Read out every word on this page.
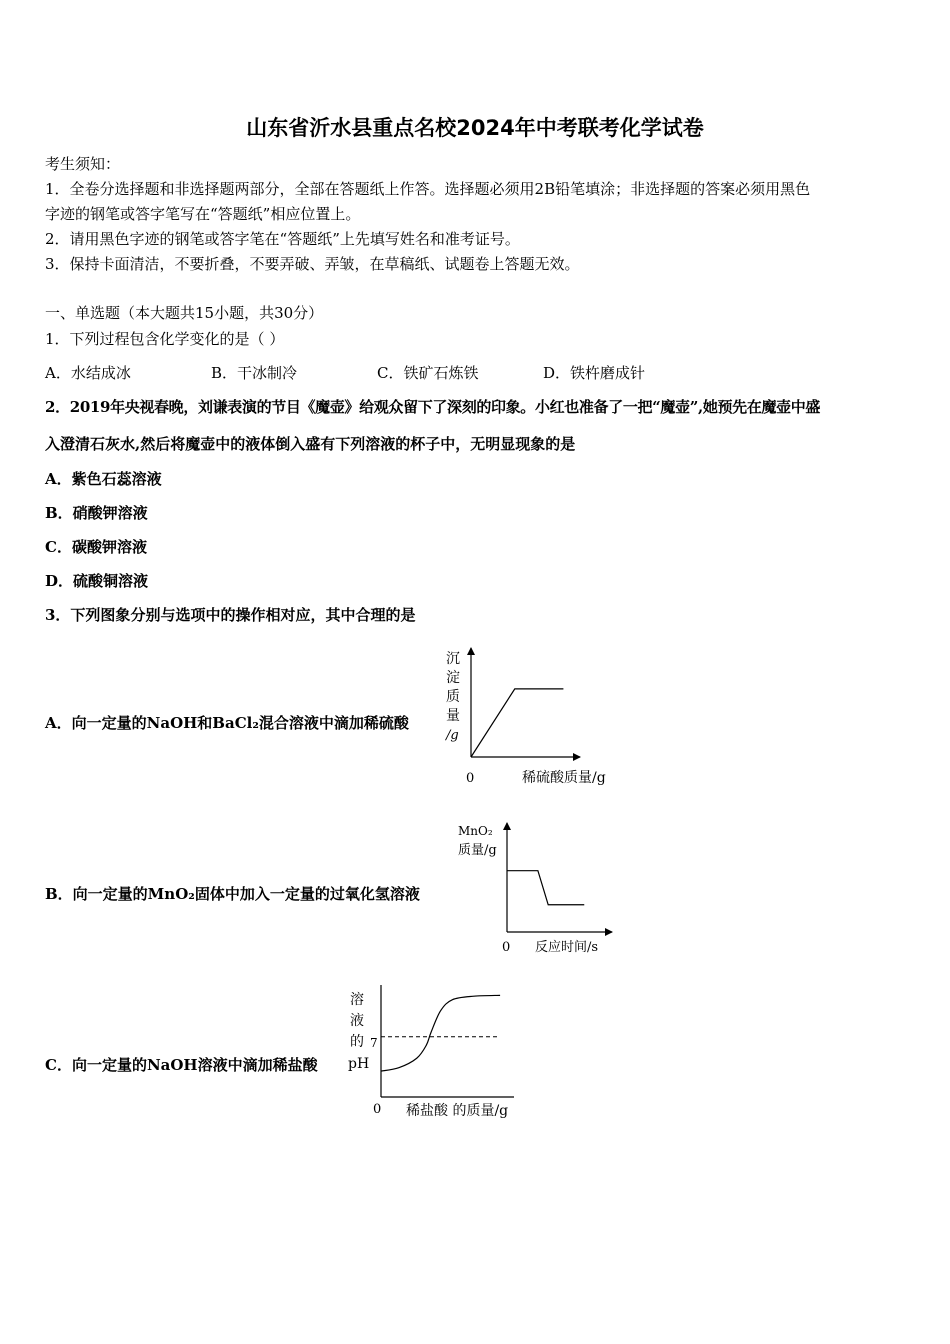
山东省沂水县重点名校2024年中考联考化学试卷
考生须知：
1．全卷分选择题和非选择题两部分，全部在答题纸上作答。选择题必须用2B铅笔填涂；非选择题的答案必须用黑色
字迹的钢笔或答字笔写在“答题纸”相应位置上。
2．请用黑色字迹的钢笔或答字笔在“答题纸”上先填写姓名和准考证号。
3．保持卡面清洁，不要折叠，不要弄破、弄皱，在草稿纸、试题卷上答题无效。
一、单选题（本大题共15小题，共30分）
1．下列过程包含化学变化的是（ ）
A．水结成冰	B．干冰制冷	C．铁矿石炼铁	D．铁杵磨成针
2．2019年央视春晚，刘谦表演的节目《魔壶》给观众留下了深刻的印象。小红也准备了一把“魔壶”,她预先在魔壶中盛
入澄清石灰水,然后将魔壶中的液体倒入盛有下列溶液的杯子中，无明显现象的是
A．紫色石蕊溶液
B．硝酸钾溶液
C．碳酸钾溶液
D．硫酸铜溶液
3．下列图象分别与选项中的操作相对应，其中合理的是
A．向一定量的NaOH和BaCl₂混合溶液中滴加稀硫酸
B．向一定量的MnO₂固体中加入一定量的过氧化氢溶液
C．向一定量的NaOH溶液中滴加稀盐酸
沉
淀
质
量
/g
0	稀硫酸质量/g
MnO₂
质量/g
0 反应时间/s
溶
液
的
pH
7
0 稀盐酸 的质量/g
